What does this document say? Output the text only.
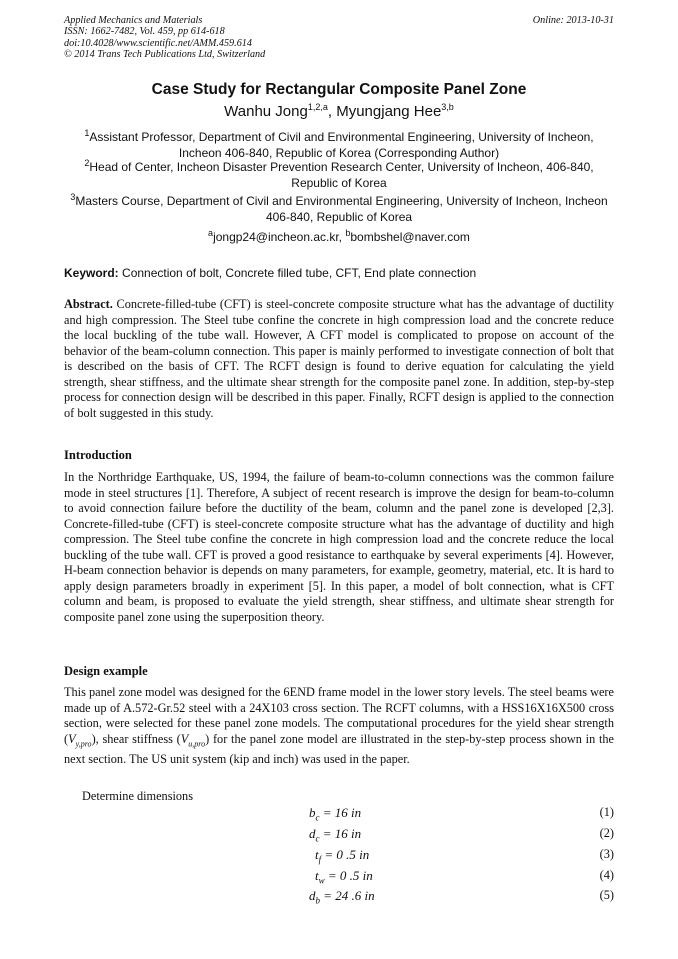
Applied Mechanics and Materials
ISSN: 1662-7482, Vol. 459, pp 614-618
doi:10.4028/www.scientific.net/AMM.459.614
© 2014 Trans Tech Publications Ltd, Switzerland
Online: 2013-10-31
Case Study for Rectangular Composite Panel Zone
Wanhu Jong$^{1,2,a}$, Myungjang Hee$^{3,b}$
$^1$Assistant Professor, Department of Civil and Environmental Engineering, University of Incheon, Incheon 406-840, Republic of Korea (Corresponding Author)
$^2$Head of Center, Incheon Disaster Prevention Research Center, University of Incheon, 406-840, Republic of Korea
$^3$Masters Course, Department of Civil and Environmental Engineering, University of Incheon, Incheon 406-840, Republic of Korea
$^a$jongp24@incheon.ac.kr, $^b$bombshel@naver.com
Keyword: Connection of bolt, Concrete filled tube, CFT, End plate connection
Abstract. Concrete-filled-tube (CFT) is steel-concrete composite structure what has the advantage of ductility and high compression. The Steel tube confine the concrete in high compression load and the concrete reduce the local buckling of the tube wall. However, A CFT model is complicated to propose on account of the behavior of the beam-column connection. This paper is mainly performed to investigate connection of bolt that is described on the basis of CFT. The RCFT design is found to derive equation for calculating the yield strength, shear stiffness, and the ultimate shear strength for the composite panel zone. In addition, step-by-step process for connection design will be described in this paper. Finally, RCFT design is applied to the connection of bolt suggested in this study.
Introduction
In the Northridge Earthquake, US, 1994, the failure of beam-to-column connections was the common failure mode in steel structures [1]. Therefore, A subject of recent research is improve the design for beam-to-column to avoid connection failure before the ductility of the beam, column and the panel zone is developed [2,3]. Concrete-filled-tube (CFT) is steel-concrete composite structure what has the advantage of ductility and high compression. The Steel tube confine the concrete in high compression load and the concrete reduce the local buckling of the tube wall. CFT is proved a good resistance to earthquake by several experiments [4]. However, H-beam connection behavior is depends on many parameters, for example, geometry, material, etc. It is hard to apply design parameters broadly in experiment [5]. In this paper, a model of bolt connection, what is CFT column and beam, is proposed to evaluate the yield strength, shear stiffness, and ultimate shear strength for composite panel zone using the superposition theory.
Design example
This panel zone model was designed for the 6END frame model in the lower story levels. The steel beams were made up of A.572-Gr.52 steel with a 24X103 cross section. The RCFT columns, with a HSS16X16X500 cross section, were selected for these panel zone models. The computational procedures for the yield shear strength $(V_{y,pro})$, shear stiffness $(V_{u,pro})$ for the panel zone model are illustrated in the step-by-step process shown in the next section. The US unit system (kip and inch) was used in the paper.
Determine dimensions
$b_c = 16$ in	(1)
$d_c = 16$ in	(2)
$t_f = 0$ .5 in	(3)
$t_w = 0$ .5 in	(4)
$d_b = 24$ .6 in	(5)
